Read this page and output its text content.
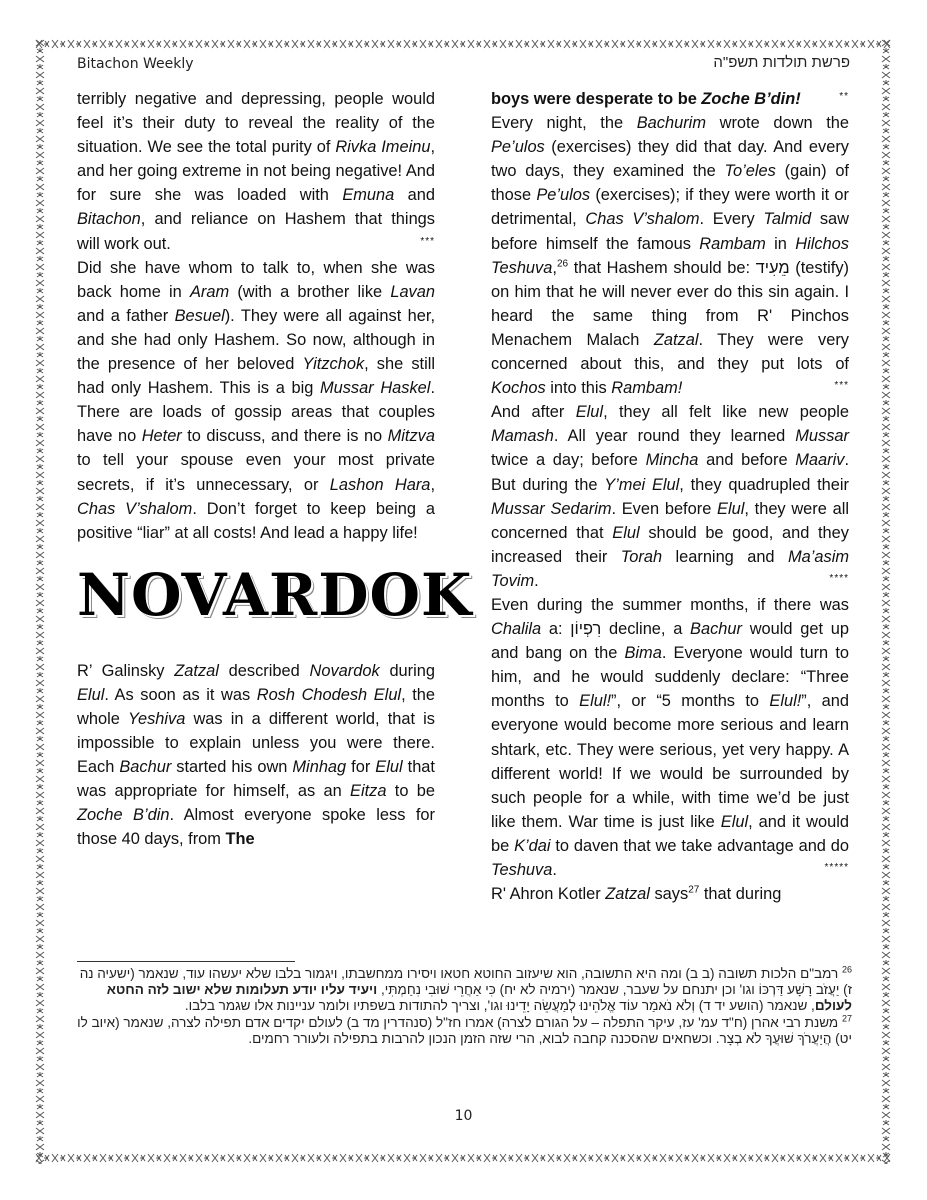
Bitachon Weekly	פרשת תולדות תשפ"ה

terribly negative and depressing, people would feel it’s their duty to reveal the reality of the situation. We see the total purity of Rivka Imeinu, and her going extreme in not being negative! And for sure she was loaded with Emuna and Bitachon, and reliance on Hashem that things will work out.	***

Did she have whom to talk to, when she was back home in Aram (with a brother like Lavan and a father Besuel). They were all against her, and she had only Hashem. So now, although in the presence of her beloved Yitzchok, she still had only Hashem. This is a big Mussar Haskel. There are loads of gossip areas that couples have no Heter to discuss, and there is no Mitzva to tell your spouse even your most private secrets, if it’s unnecessary, or Lashon Hara, Chas V’shalom. Don’t forget to keep being a positive “liar” at all costs! And lead a happy life!

NOVARDOK

R’ Galinsky Zatzal described Novardok during Elul. As soon as it was Rosh Chodesh Elul, the whole Yeshiva was in a different world, that is impossible to explain unless you were there. Each Bachur started his own Minhag for Elul that was appropriate for himself, as an Eitza to be Zoche B’din. Almost everyone spoke less for those 40 days, from The

boys were desperate to be Zoche B’din!	**

Every night, the Bachurim wrote down the Pe’ulos (exercises) they did that day. And every two days, they examined the To’eles (gain) of those Pe’ulos (exercises); if they were worth it or detrimental, Chas V’shalom. Every Talmid saw before himself the famous Rambam in Hilchos Teshuva,$^{26}$ that Hashem should be: מֵעִיד (testify) on him that he will never ever do this sin again. I heard the same thing from R' Pinchos Menachem Malach Zatzal. They were very concerned about this, and they put lots of Kochos into this Rambam!	***

And after Elul, they all felt like new people Mamash. All year round they learned Mussar twice a day; before Mincha and before Maariv. But during the Y’mei Elul, they quadrupled their Mussar Sedarim. Even before Elul, they were all concerned that Elul should be good, and they increased their Torah learning and Ma’asim Tovim.	****

Even during the summer months, if there was Chalila a: רִפְיוֹן decline, a Bachur would get up and bang on the Bima. Everyone would turn to him, and he would suddenly declare: “Three months to Elul!”, or “5 months to Elul!”, and everyone would become more serious and learn shtark, etc. They were serious, yet very happy. A different world! If we would be surrounded by such people for a while, with time we’d be just like them. War time is just like Elul, and it would be K’dai to daven that we take advantage and do Teshuva.	*****

R' Ahron Kotler Zatzal says$^{27}$ that during

$^{26}$ רמב"ם הלכות תשובה (ב ב) ומה היא התשובה, הוא שיעזוב החוטא חטאו ויסירו ממחשבתו, ויגמור בלבו שלא יעשהו עוד, שנאמר (ישעיה נה ז) יַעֲזֹב רָשָׁע דַּרְכּוֹ וגו' וכן יתנחם על שעבר, שנאמר (ירמיה לא יח) כִּי אַחֲרֵי שׁוּבִי נִחַמְתִּי, ויעיד עליו יודע תעלומות שלא ישוב לזה החטא לעולם, שנאמר (הושע יד ד) וְלֹא נֹאמַר עוֹד אֱלֹהֵינוּ לְמַעֲשֵׂה יָדֵינוּ וגו', וצריך להתודות בשפתיו ולומר עניינות אלו שגמר בלבו.

$^{27}$ משנת רבי אהרן (ח"ד עמ' עז, עיקר התפלה – על הגורם לצרה) אמרו חז"ל (סנהדרין מד ב) לעולם יקדים אדם תפילה לצרה, שנאמר (איוב לו יט) הֲיַעֲרֹךְ שׁוּעֲךָ לֹא בְצָר. וכשחאים שהסכנה קחבה לבוא, הרי שזה הזמן הנכון להרבות בתפילה ולעורר רחמים.

10
